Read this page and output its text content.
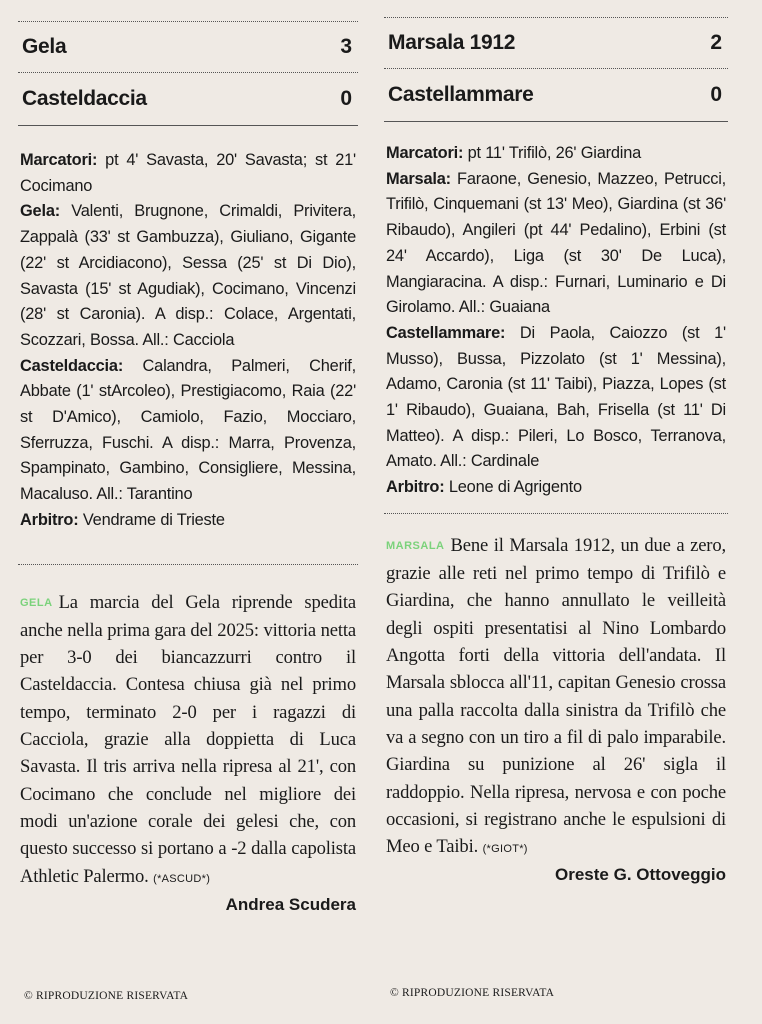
Gela	3
Casteldaccia	0

Marcatori: pt 4' Savasta, 20' Savasta; st 21' Cocimano

Gela: Valenti, Brugnone, Crimaldi, Privitera, Zappalà (33' st Gambuzza), Giuliano, Gigante (22' st Arcidiacono), Sessa (25' st Di Dio), Savasta (15' st Agudiak), Cocimano, Vincenzi (28' st Caronia). A disp.: Colace, Argentati, Scozzari, Bossa. All.: Cacciola

Casteldaccia: Calandra, Palmeri, Cherif, Abbate (1' stArcoleo), Prestigiacomo, Raia (22' st D'Amico), Camiolo, Fazio, Mocciaro, Sferruzza, Fuschi. A disp.: Marra, Provenza, Spampinato, Gambino, Consigliere, Messina, Macaluso. All.: Tarantino

Arbitro: Vendrame di Trieste

GELA La marcia del Gela riprende spedita anche nella prima gara del 2025: vittoria netta per 3-0 dei biancazzurri contro il Casteldaccia. Contesa chiusa già nel primo tempo, terminato 2-0 per i ragazzi di Cacciola, grazie alla doppietta di Luca Savasta. Il tris arriva nella ripresa al 21', con Cocimano che conclude nel migliore dei modi un'azione corale dei gelesi che, con questo successo si portano a -2 dalla capolista Athletic Palermo. (*ASCUD*)

Andrea Scudera
© RIPRODUZIONE RISERVATA
Marsala 1912	2
Castellammare	0

Marcatori: pt 11' Trifilò, 26' Giardina

Marsala: Faraone, Genesio, Mazzeo, Petrucci, Trifilò, Cinquemani (st 13' Meo), Giardina (st 36' Ribaudo), Angileri (pt 44' Pedalino), Erbini (st 24' Accardo), Liga (st 30' De Luca), Mangiaracina. A disp.: Furnari, Luminario e Di Girolamo. All.: Guaiana

Castellammare: Di Paola, Caiozzo (st 1' Musso), Bussa, Pizzolato (st 1' Messina), Adamo, Caronia (st 11' Taibi), Piazza, Lopes (st 1' Ribaudo), Guaiana, Bah, Frisella (st 11' Di Matteo). A disp.: Pileri, Lo Bosco, Terranova, Amato. All.: Cardinale

Arbitro: Leone di Agrigento

MARSALA Bene il Marsala 1912, un due a zero, grazie alle reti nel primo tempo di Trifilò e Giardina, che hanno annullato le veilleità degli ospiti presentatisi al Nino Lombardo Angotta forti della vittoria dell'andata. Il Marsala sblocca all'11, capitan Genesio crossa una palla raccolta dalla sinistra da Trifilò che va a segno con un tiro a fil di palo imparabile. Giardina su punizione al 26' sigla il raddoppio. Nella ripresa, nervosa e con poche occasioni, si registrano anche le espulsioni di Meo e Taibi. (*GIOT*)

Oreste G. Ottoveggio
© RIPRODUZIONE RISERVATA
